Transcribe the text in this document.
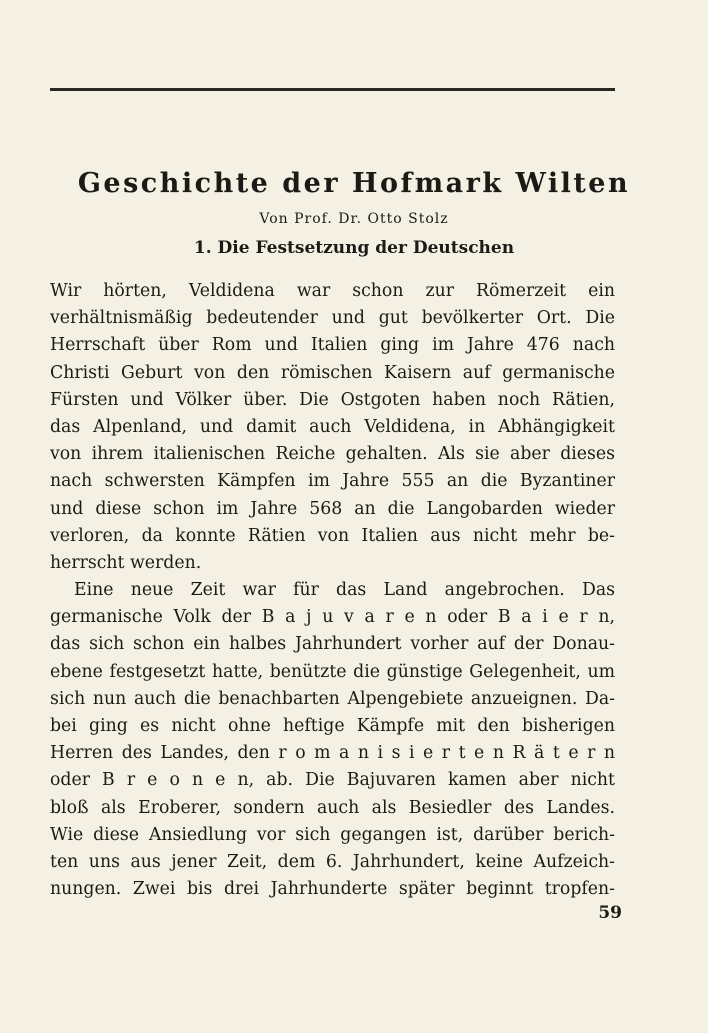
Geschichte der Hofmark Wilten
Von Prof. Dr. Otto Stolz
1. Die Festsetzung der Deutschen
Wir hörten, Veldidena war schon zur Römerzeit ein
verhältnismäßig bedeutender und gut bevölkerter Ort. Die
Herrschaft über Rom und Italien ging im Jahre 476 nach
Christi Geburt von den römischen Kaisern auf germanische
Fürsten und Völker über. Die Ostgoten haben noch Rätien,
das Alpenland, und damit auch Veldidena, in Abhängigkeit
von ihrem italienischen Reiche gehalten. Als sie aber dieses
nach schwersten Kämpfen im Jahre 555 an die Byzantiner
und diese schon im Jahre 568 an die Langobarden wieder
verloren, da konnte Rätien von Italien aus nicht mehr be-
herrscht werden.
Eine neue Zeit war für das Land angebrochen. Das
germanische Volk der B a j u v a r e n oder B a i e r n,
das sich schon ein halbes Jahrhundert vorher auf der Donau-
ebene festgesetzt hatte, benützte die günstige Gelegenheit, um
sich nun auch die benachbarten Alpengebiete anzueignen. Da-
bei ging es nicht ohne heftige Kämpfe mit den bisherigen
Herren des Landes, den r o m a n i s i e r t e n R ä t e r n
oder B r e o n e n, ab. Die Bajuvaren kamen aber nicht
bloß als Eroberer, sondern auch als Besiedler des Landes.
Wie diese Ansiedlung vor sich gegangen ist, darüber berich-
ten uns aus jener Zeit, dem 6. Jahrhundert, keine Aufzeich-
nungen. Zwei bis drei Jahrhunderte später beginnt tropfen-
59
